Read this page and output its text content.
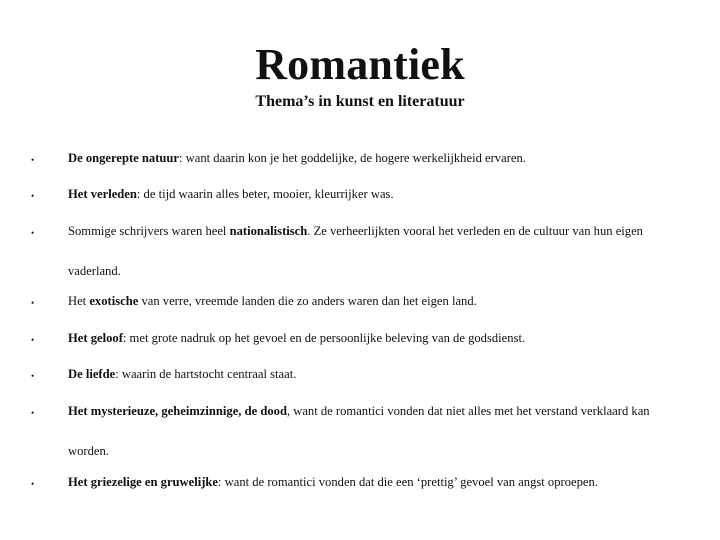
Romantiek
Thema’s in kunst en literatuur
•	De ongerepte natuur: want daarin kon je het goddelijke, de hogere werkelijkheid ervaren.
•	Het verleden: de tijd waarin alles beter, mooier, kleurrijker was.
•	Sommige schrijvers waren heel nationalistisch. Ze verheerlijkten vooral het verleden en de cultuur van hun eigen vaderland.
•	Het exotische van verre, vreemde landen die zo anders waren dan het eigen land.
•	Het geloof: met grote nadruk op het gevoel en de persoonlijke beleving van de godsdienst.
•	De liefde: waarin de hartstocht centraal staat.
•	Het mysterieuze, geheimzinnige, de dood, want de romantici vonden dat niet alles met het verstand verklaard kan worden.
•	Het griezelige en gruwelijke: want de romantici vonden dat die een ‘prettig’ gevoel van angst oproepen.
